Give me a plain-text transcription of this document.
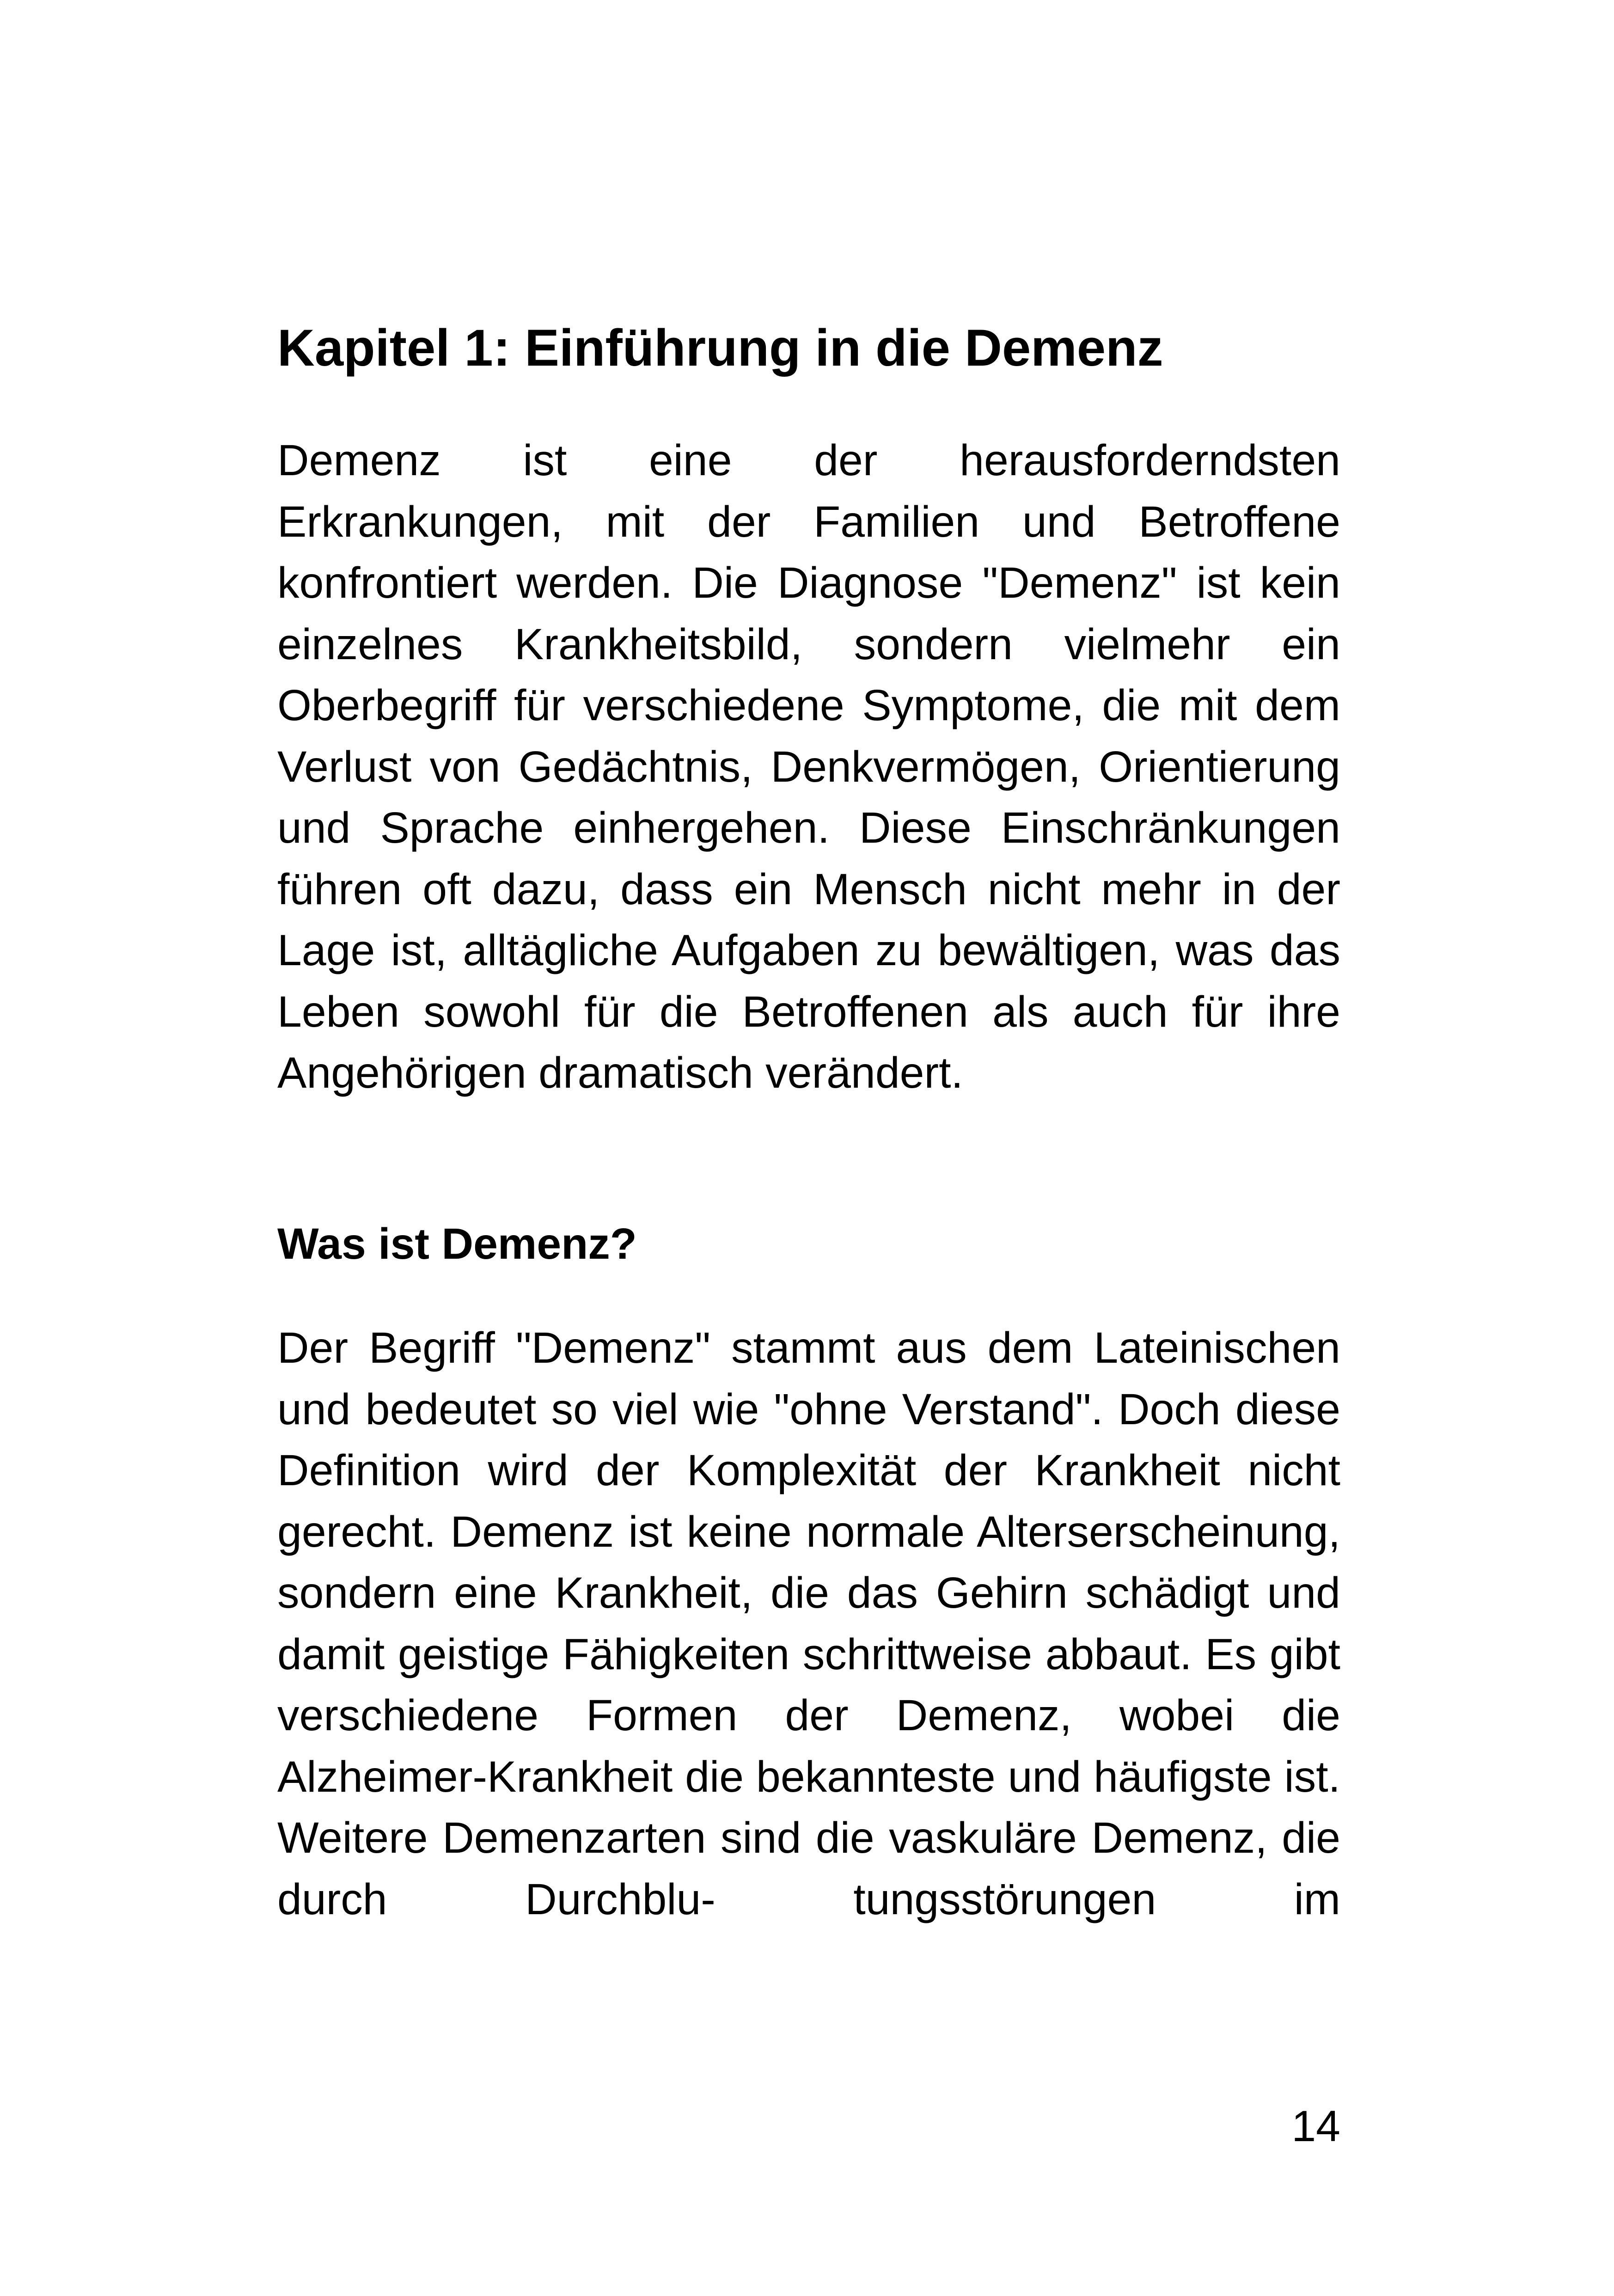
Kapitel 1: Einführung in die Demenz

Demenz ist eine der herausforderndsten Erkrankungen, mit der Familien und Betroffene konfrontiert werden. Die Diagnose "Demenz" ist kein einzelnes Krankheitsbild, sondern vielmehr ein Oberbegriff für verschiedene Symptome, die mit dem Verlust von Gedächtnis, Denkvermögen, Orientierung und Sprache einhergehen. Diese Einschränkungen führen oft dazu, dass ein Mensch nicht mehr in der Lage ist, alltägliche Aufgaben zu bewältigen, was das Leben sowohl für die Betroffenen als auch für ihre Angehörigen dramatisch verändert.

Was ist Demenz?

Der Begriff "Demenz" stammt aus dem Lateinischen und bedeutet so viel wie "ohne Verstand". Doch diese Definition wird der Komplexität der Krankheit nicht gerecht. Demenz ist keine normale Alterserscheinung, sondern eine Krankheit, die das Gehirn schädigt und damit geistige Fähigkeiten schrittweise abbaut. Es gibt verschiedene Formen der Demenz, wobei die Alzheimer-Krankheit die bekannteste und häufigste ist. Weitere Demenzarten sind die vaskuläre Demenz, die durch Durchblu- tungsstörungen im

14
